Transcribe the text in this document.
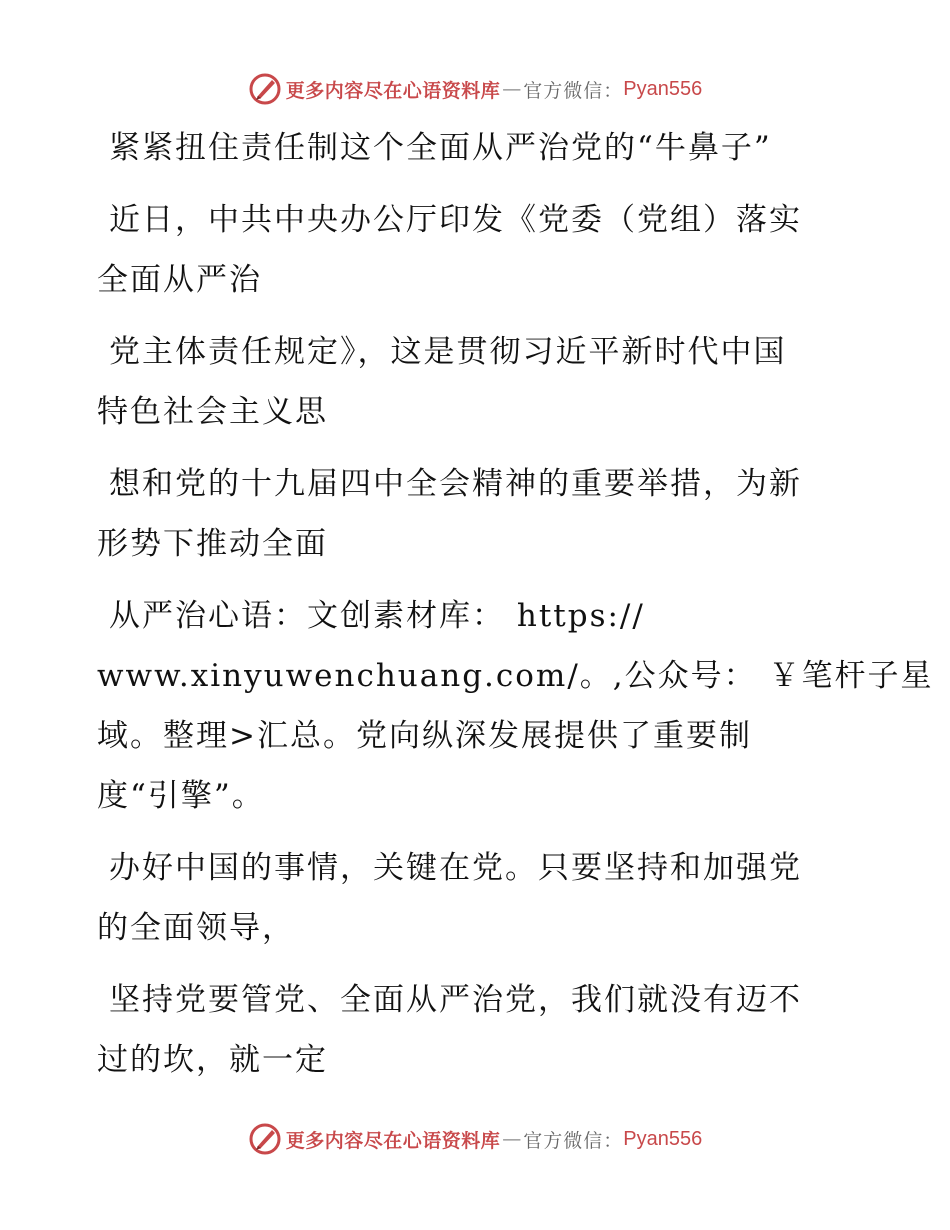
更多内容尽在心语资料库 — 官方微信： Pyan556
紧紧扭住责任制这个全面从严治党的“牛鼻子”
近日，中共中央办公厅印发《党委（党组）落实
全面从严治
党主体责任规定》，这是贯彻习近平新时代中国
特色社会主义思
想和党的十九届四中全会精神的重要举措，为新
形势下推动全面
从严治心语：文创素材库： https://
www.xinyuwenchuang.com/。,公众号： ￥笔杆子星
域。整理>汇总。党向纵深发展提供了重要制
度“引擎”。
办好中国的事情，关键在党。只要坚持和加强党
的全面领导，
坚持党要管党、全面从严治党，我们就没有迈不
过的坎，就一定
更多内容尽在心语资料库 — 官方微信： Pyan556
